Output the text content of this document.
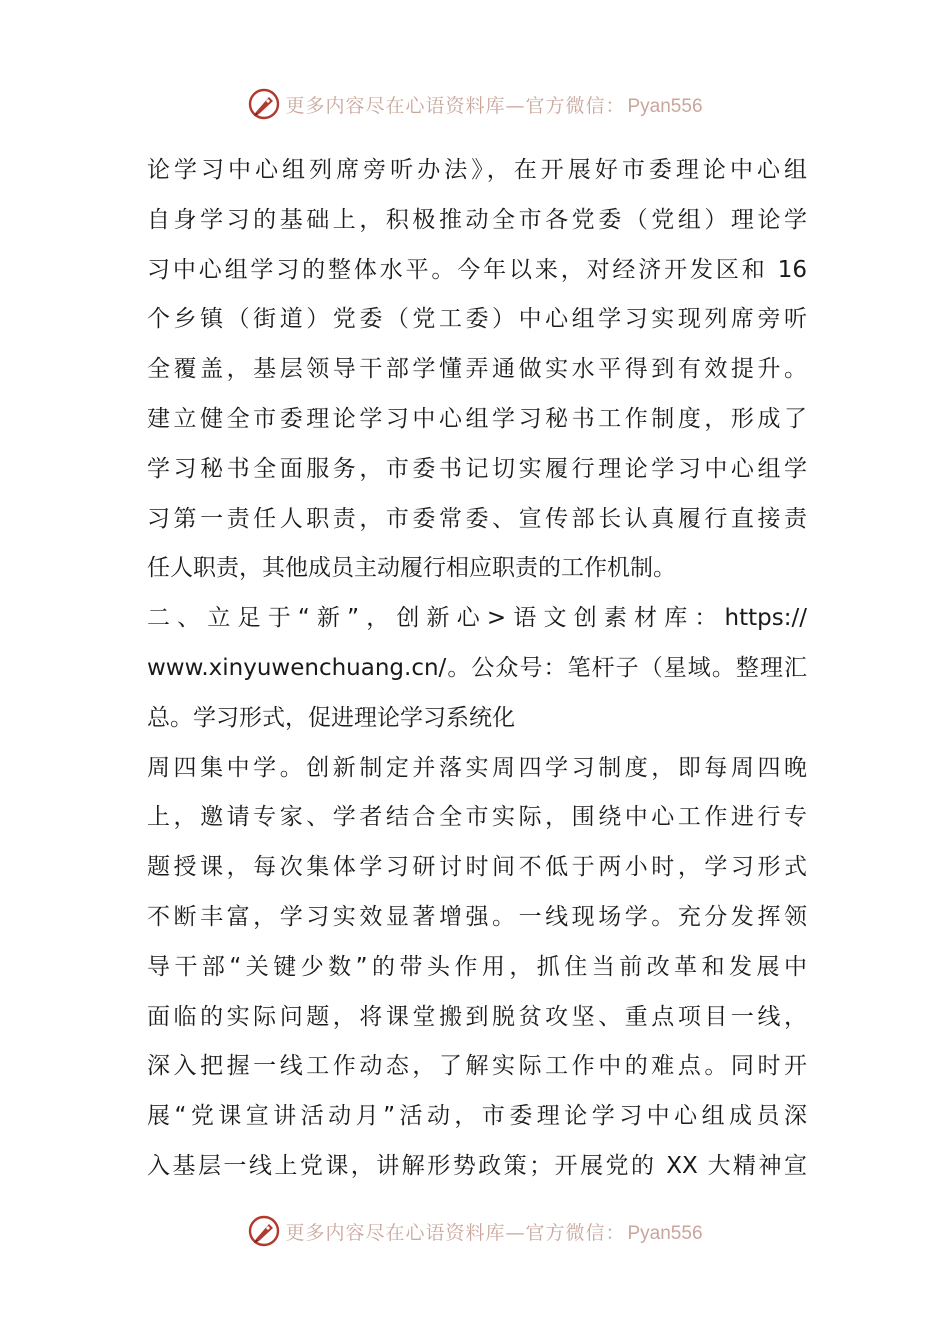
更多内容尽在心语资料库—官方微信： Pyan556
论学习中心组列席旁听办法》，在开展好市委理论中心组
自身学习的基础上，积极推动全市各党委（党组）理论学
习中心组学习的整体水平。今年以来，对经济开发区和 16
个乡镇（街道）党委（党工委）中心组学习实现列席旁听
全覆盖，基层领导干部学懂弄通做实水平得到有效提升。
建立健全市委理论学习中心组学习秘书工作制度，形成了
学习秘书全面服务，市委书记切实履行理论学习中心组学
习第一责任人职责，市委常委、宣传部长认真履行直接责
任人职责，其他成员主动履行相应职责的工作机制。
二、立足于“新”，创新心>语文创素材库：https://
www.xinyuwenchuang.cn/。公众号：笔杆子（星域。整理汇
总。学习形式，促进理论学习系统化
周四集中学。创新制定并落实周四学习制度，即每周四晚
上，邀请专家、学者结合全市实际，围绕中心工作进行专
题授课，每次集体学习研讨时间不低于两小时，学习形式
不断丰富，学习实效显著增强。一线现场学。充分发挥领
导干部“关键少数”的带头作用，抓住当前改革和发展中
面临的实际问题，将课堂搬到脱贫攻坚、重点项目一线，
深入把握一线工作动态，了解实际工作中的难点。同时开
展“党课宣讲活动月”活动，市委理论学习中心组成员深
入基层一线上党课，讲解形势政策；开展党的 XX 大精神宣
更多内容尽在心语资料库—官方微信： Pyan556
